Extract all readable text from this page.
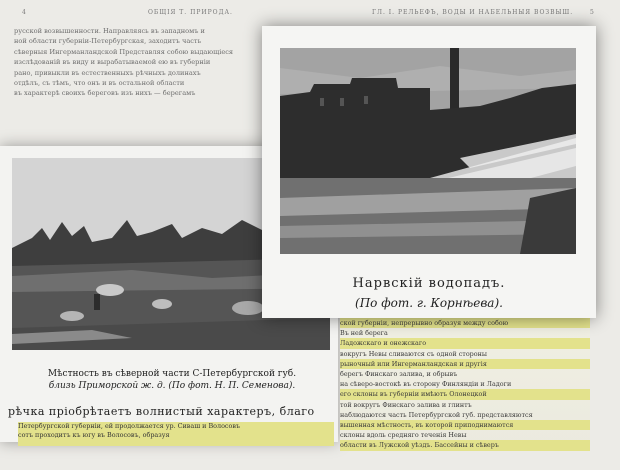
4	ОБЩІЯ Т. ПРИРОДА.	ГЛ. I. РЕЛЬЕФЪ, ВОДЫ И НАБЕЛЬНЫЯ ВОЗВЫШ.	5
русской возвышенности. Направляясь въ западномъ и
ной области губерніи-Петербургская, заходитъ часть
сѣверныя Ингерманландской Представляя собою выдающіеся
изслѣдованій въ виду и вырабатываемой ею въ губерніи
рано, привыкли въ естественныхъ рѣчныхъ долинахъ
отдѣлъ, съ тѣмъ, что онъ и въ остальной области
въ характерѣ своихъ береговъ изъ нихъ — берегамъ
Мѣстность въ сѣверной части С-Петербургской губ.
близь Приморской ж. д. (По фот. Н. П. Семенова).
рѣчка пріобрѣтаетъ волнистый характеръ, благо
Петербургской губерніи, ей продолжается ур. Сиваш и Волосовъ
сотъ проходитъ къ югу въ Волосовъ, образуя
ской губерніи, непрерывно образуя между собою
Въ ней берега
Ладожскаго и онежскаго
вокругъ Невы сливаются съ одной стороны
рыночный или Ингерманландская и другія
берегъ Финскаго залива, и обрывъ
на сѣверо-востокѣ въ сторону Финляндіи и Ладоги
его склоны въ губерніи имѣютъ Олонецкой
той вокругъ Финскаго залива и глинтъ
наблюдаются часть Петербургской губ. представляются
вышенная мѣстность, въ которой приподнимаются
склоны вдоль средняго теченія Невы
области въ Лужской уѣздъ. Бассейны и сѣверъ
Нарвскій водопадъ.
(По фот. г. Корнѣева).
